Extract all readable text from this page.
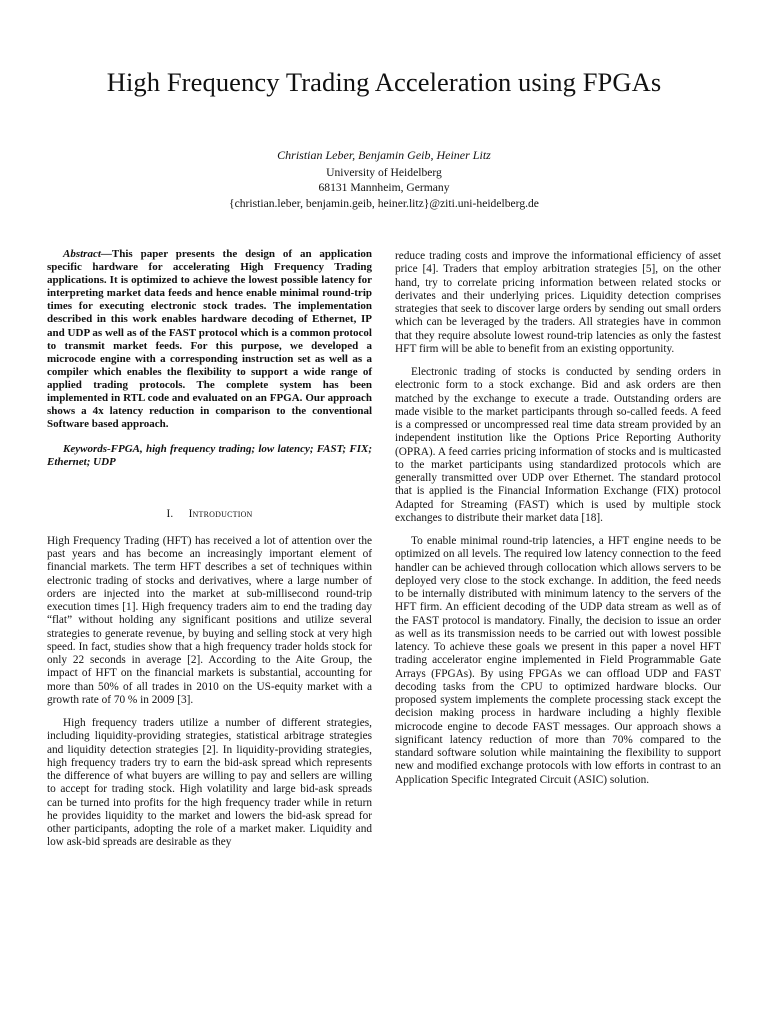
High Frequency Trading Acceleration using FPGAs
Christian Leber, Benjamin Geib, Heiner Litz
University of Heidelberg
68131 Mannheim, Germany
{christian.leber, benjamin.geib, heiner.litz}@ziti.uni-heidelberg.de

Abstract—This paper presents the design of an application specific hardware for accelerating High Frequency Trading applications. It is optimized to achieve the lowest possible latency for interpreting market data feeds and hence enable minimal round-trip times for executing electronic stock trades. The implementation described in this work enables hardware decoding of Ethernet, IP and UDP as well as of the FAST protocol which is a common protocol to transmit market feeds. For this purpose, we developed a microcode engine with a corresponding instruction set as well as a compiler which enables the flexibility to support a wide range of applied trading protocols. The complete system has been implemented in RTL code and evaluated on an FPGA. Our approach shows a 4x latency reduction in comparison to the conventional Software based approach.

Keywords-FPGA, high frequency trading; low latency; FAST; FIX; Ethernet; UDP

I. Introduction

High Frequency Trading (HFT) has received a lot of attention over the past years and has become an increasingly important element of financial markets. The term HFT describes a set of techniques within electronic trading of stocks and derivatives, where a large number of orders are injected into the market at sub-millisecond round-trip execution times [1]. High frequency traders aim to end the trading day “flat” without holding any significant positions and utilize several strategies to generate revenue, by buying and selling stock at very high speed. In fact, studies show that a high frequency trader holds stock for only 22 seconds in average [2]. According to the Aite Group, the impact of HFT on the financial markets is substantial, accounting for more than 50% of all trades in 2010 on the US-equity market with a growth rate of 70 % in 2009 [3].

High frequency traders utilize a number of different strategies, including liquidity-providing strategies, statistical arbitrage strategies and liquidity detection strategies [2]. In liquidity-providing strategies, high frequency traders try to earn the bid-ask spread which represents the difference of what buyers are willing to pay and sellers are willing to accept for trading stock. High volatility and large bid-ask spreads can be turned into profits for the high frequency trader while in return he provides liquidity to the market and lowers the bid-ask spread for other participants, adopting the role of a market maker. Liquidity and low ask-bid spreads are desirable as they

reduce trading costs and improve the informational efficiency of asset price [4]. Traders that employ arbitration strategies [5], on the other hand, try to correlate pricing information between related stocks or derivates and their underlying prices. Liquidity detection comprises strategies that seek to discover large orders by sending out small orders which can be leveraged by the traders. All strategies have in common that they require absolute lowest round-trip latencies as only the fastest HFT firm will be able to benefit from an existing opportunity.

Electronic trading of stocks is conducted by sending orders in electronic form to a stock exchange. Bid and ask orders are then matched by the exchange to execute a trade. Outstanding orders are made visible to the market participants through so-called feeds. A feed is a compressed or uncompressed real time data stream provided by an independent institution like the Options Price Reporting Authority (OPRA). A feed carries pricing information of stocks and is multicasted to the market participants using standardized protocols which are generally transmitted over UDP over Ethernet. The standard protocol that is applied is the Financial Information Exchange (FIX) protocol Adapted for Streaming (FAST) which is used by multiple stock exchanges to distribute their market data [18].

To enable minimal round-trip latencies, a HFT engine needs to be optimized on all levels. The required low latency connection to the feed handler can be achieved through collocation which allows servers to be deployed very close to the stock exchange. In addition, the feed needs to be internally distributed with minimum latency to the servers of the HFT firm. An efficient decoding of the UDP data stream as well as of the FAST protocol is mandatory. Finally, the decision to issue an order as well as its transmission needs to be carried out with lowest possible latency. To achieve these goals we present in this paper a novel HFT trading accelerator engine implemented in Field Programmable Gate Arrays (FPGAs). By using FPGAs we can offload UDP and FAST decoding tasks from the CPU to optimized hardware blocks. Our proposed system implements the complete processing stack except the decision making process in hardware including a highly flexible microcode engine to decode FAST messages. Our approach shows a significant latency reduction of more than 70% compared to the standard software solution while maintaining the flexibility to support new and modified exchange protocols with low efforts in contrast to an Application Specific Integrated Circuit (ASIC) solution.
